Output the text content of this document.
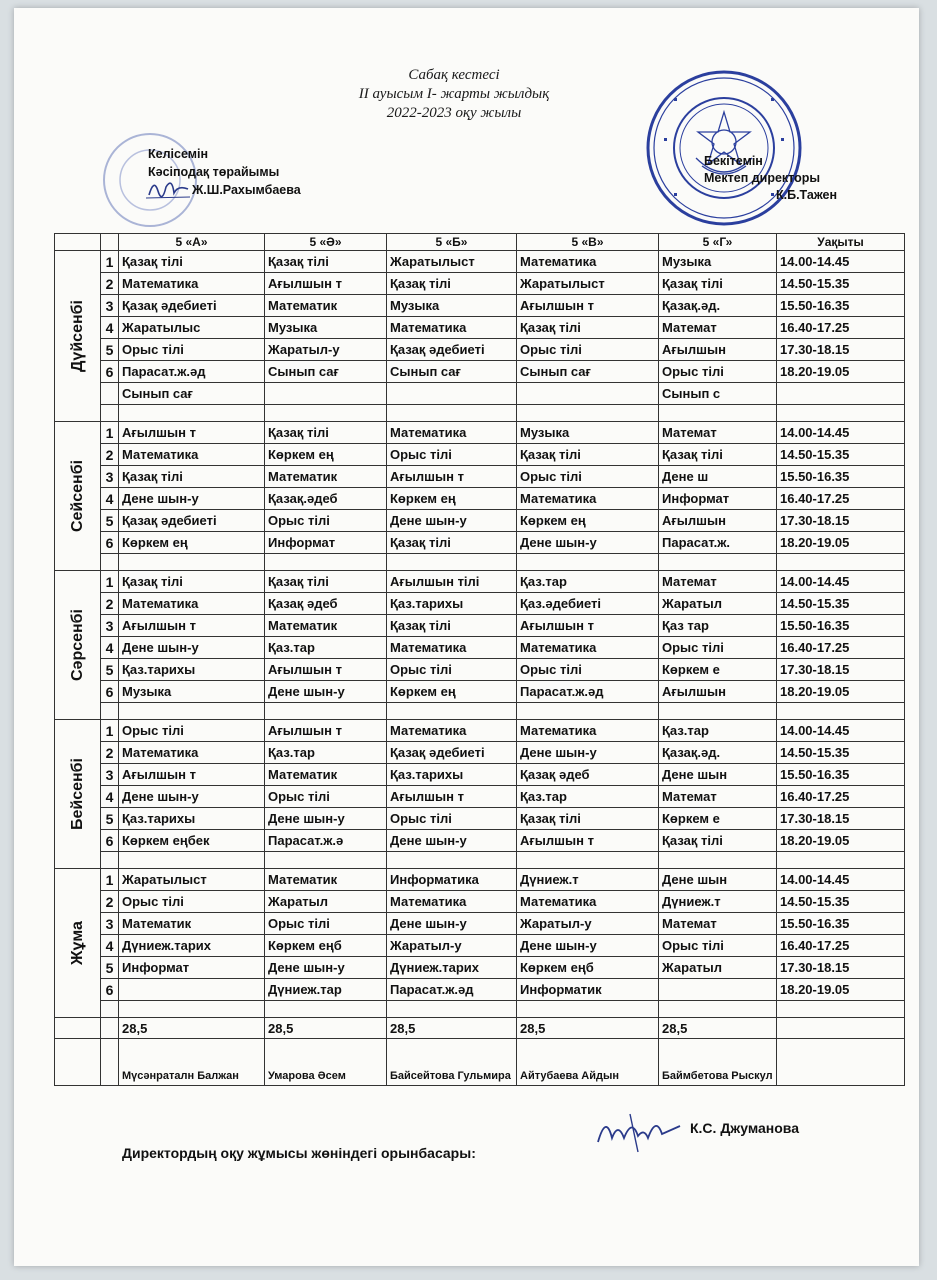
Сабақ кестесі
II ауысым I- жарты жылдық
2022-2023 оқу жылы
Келісемін
Кәсіподақ төрайымы
Ж.Ш.Рахымбаева
Бекітемін
Мектеп директоры
К.Б.Тажен
		5 «А»	5 «Ә»	5 «Б»	5 «В»	5 «Г»	Уақыты

Дүйсенбі	1	Қазақ тілі	Қазақ тілі	Жаратылыст	Математика	Музыка	14.00-14.45
	2	Математика	Ағылшын т	Қазақ тілі	Жаратылыст	Қазақ тілі	14.50-15.35
	3	Қазақ әдебиеті	Математик	Музыка	Ағылшын т	Қазақ.әд.	15.50-16.35
	4	Жаратылыс	Музыка	Математика	Қазақ тілі	Математ	16.40-17.25
	5	Орыс тілі	Жаратыл-у	Қазақ әдебиеті	Орыс тілі	Ағылшын	17.30-18.15
	6	Парасат.ж.әд	Сынып сағ	Сынып сағ	Сынып сағ	Орыс тілі	18.20-19.05
		Сынып сағ				Сынып с	

Сейсенбі	1	Ағылшын т	Қазақ тілі	Математика	Музыка	Математ	14.00-14.45
	2	Математика	Көркем ең	Орыс тілі	Қазақ тілі	Қазақ тілі	14.50-15.35
	3	Қазақ тілі	Математик	Ағылшын т	Орыс тілі	Дене ш	15.50-16.35
	4	Дене шын-у	Қазақ.әдеб	Көркем ең	Математика	Информат	16.40-17.25
	5	Қазақ әдебиеті	Орыс тілі	Дене шын-у	Көркем ең	Ағылшын	17.30-18.15
	6	Көркем ең	Информат	Қазақ тілі	Дене шын-у	Парасат.ж.	18.20-19.05

Сәрсенбі	1	Қазақ тілі	Қазақ тілі	Ағылшын тілі	Қаз.тар	Математ	14.00-14.45
	2	Математика	Қазақ әдеб	Қаз.тарихы	Қаз.әдебиеті	Жаратыл	14.50-15.35
	3	Ағылшын т	Математик	Қазақ тілі	Ағылшын т	Қаз тар	15.50-16.35
	4	Дене шын-у	Қаз.тар	Математика	Математика	Орыс тілі	16.40-17.25
	5	Қаз.тарихы	Ағылшын т	Орыс тілі	Орыс тілі	Көркем е	17.30-18.15
	6	Музыка	Дене шын-у	Көркем ең	Парасат.ж.әд	Ағылшын	18.20-19.05

Бейсенбі	1	Орыс тілі	Ағылшын т	Математика	Математика	Қаз.тар	14.00-14.45
	2	Математика	Қаз.тар	Қазақ әдебиеті	Дене шын-у	Қазақ.әд.	14.50-15.35
	3	Ағылшын т	Математик	Қаз.тарихы	Қазақ әдеб	Дене шын	15.50-16.35
	4	Дене шын-у	Орыс тілі	Ағылшын т	Қаз.тар	Математ	16.40-17.25
	5	Қаз.тарихы	Дене шын-у	Орыс тілі	Қазақ тілі	Көркем е	17.30-18.15
	6	Көркем еңбек	Парасат.ж.ә	Дене шын-у	Ағылшын т	Қазақ тілі	18.20-19.05

Жұма	1	Жаратылыст	Математик	Информатика	Дүниеж.т	Дене шын	14.00-14.45
	2	Орыс тілі	Жаратыл	Математика	Математика	Дүниеж.т	14.50-15.35
	3	Математик	Орыс тілі	Дене шын-у	Жаратыл-у	Математ	15.50-16.35
	4	Дүниеж.тарих	Көркем еңб	Жаратыл-у	Дене шын-у	Орыс тілі	16.40-17.25
	5	Информат	Дене шын-у	Дүниеж.тарих	Көркем еңб	Жаратыл	17.30-18.15
	6		Дүниеж.тар	Парасат.ж.әд	Информатик		18.20-19.05

		28,5	28,5	28,5	28,5	28,5	
		Мүсәнраталн Балжан	Умарова Әсем	Байсейтова Гульмира	Айтубаева Айдын	Баймбетова Рыскул	
Директордың оқу жұмысы жөніндегі орынбасары:
К.С. Джуманова
